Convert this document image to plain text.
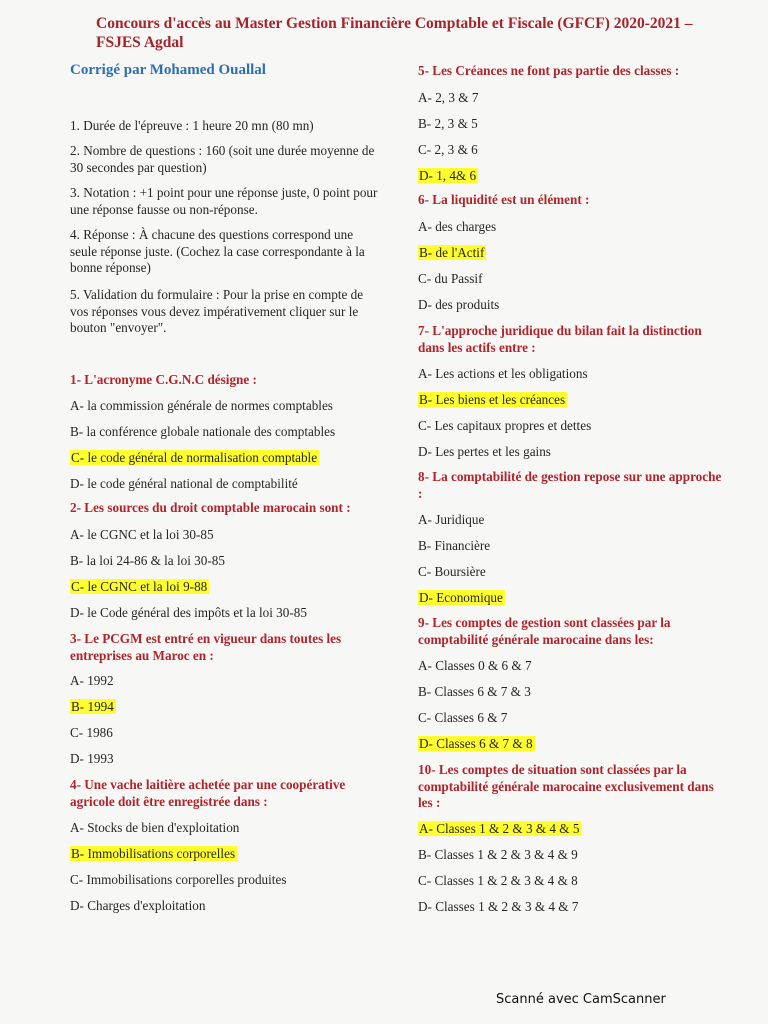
Concours d'accès au Master Gestion Financière Comptable et Fiscale (GFCF) 2020-2021 – FSJES Agdal
Corrigé par Mohamed Ouallal
1. Durée de l'épreuve : 1 heure 20 mn (80 mn)
2. Nombre de questions : 160 (soit une durée moyenne de 30 secondes par question)
3. Notation : +1 point pour une réponse juste, 0 point pour une réponse fausse ou non-réponse.
4. Réponse : À chacune des questions correspond une seule réponse juste. (Cochez la case correspondante à la bonne réponse)
5. Validation du formulaire : Pour la prise en compte de vos réponses vous devez impérativement cliquer sur le bouton "envoyer".
1- L'acronyme C.G.N.C désigne :
A- la commission générale de normes comptables
B- la conférence globale nationale des comptables
C- le code général de normalisation comptable
D- le code général national de comptabilité
2- Les sources du droit comptable marocain sont :
A- le CGNC et la loi 30-85
B- la loi 24-86 & la loi 30-85
C- le CGNC et la loi 9-88
D- le Code général des impôts et la loi 30-85
3- Le PCGM est entré en vigueur dans toutes les entreprises au Maroc en :
A- 1992
B- 1994
C- 1986
D- 1993
4- Une vache laitière achetée par une coopérative agricole doit être enregistrée dans :
A- Stocks de bien d'exploitation
B- Immobilisations corporelles
C- Immobilisations corporelles produites
D- Charges d'exploitation
5- Les Créances ne font pas partie des classes :
A- 2, 3 & 7
B- 2, 3 & 5
C- 2, 3 & 6
D- 1, 4& 6
6- La liquidité est un élément :
A- des charges
B- de l'Actif
C- du Passif
D- des produits
7- L'approche juridique du bilan fait la distinction dans les actifs entre :
A- Les actions et les obligations
B- Les biens et les créances
C- Les capitaux propres et dettes
D- Les pertes et les gains
8- La comptabilité de gestion repose sur une approche :
A- Juridique
B- Financière
C- Boursière
D- Economique
9- Les comptes de gestion sont classées par la comptabilité générale marocaine dans les:
A- Classes 0 & 6 & 7
B- Classes 6 & 7 & 3
C- Classes 6 & 7
D- Classes 6 & 7 & 8
10- Les comptes de situation sont classées par la comptabilité générale marocaine exclusivement dans les :
A- Classes 1 & 2 & 3 & 4 & 5
B- Classes 1 & 2 & 3 & 4 & 9
C- Classes 1 & 2 & 3 & 4 & 8
D- Classes 1 & 2 & 3 & 4 & 7
Scanné avec CamScanner
